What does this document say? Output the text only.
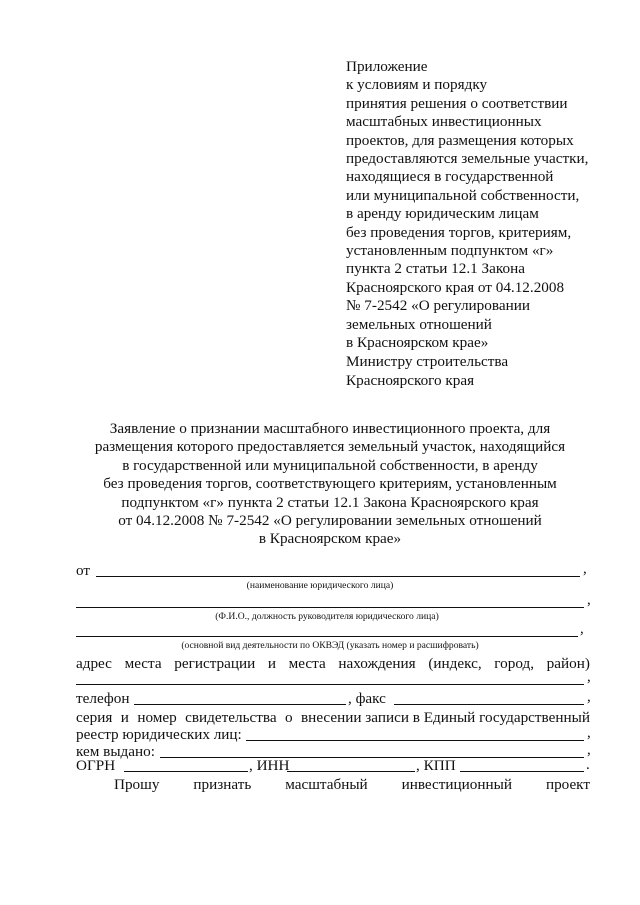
Приложение
к условиям и порядку
принятия решения о соответствии
масштабных инвестиционных
проектов, для размещения которых
предоставляются земельные участки,
находящиеся в государственной
или муниципальной собственности,
в аренду юридическим лицам
без проведения торгов, критериям,
установленным подпунктом «г»
пункта 2 статьи 12.1 Закона
Красноярского края от 04.12.2008
№ 7-2542 «О регулировании
земельных отношений
в Красноярском крае»
Министру строительства
Красноярского края
Заявление о признании масштабного инвестиционного проекта, для
размещения которого предоставляется земельный участок, находящийся
в государственной или муниципальной собственности, в аренду
без проведения торгов, соответствующего критериям, установленным
подпунктом «г» пункта 2 статьи 12.1 Закона Красноярского края
от 04.12.2008 № 7-2542 «О регулировании земельных отношений
в Красноярском крае»
от	,
(наименование юридического лица)
,
(Ф.И.О., должность руководителя юридического лица)
,
(основной вид деятельности по ОКВЭД (указать номер и расшифровать)
адрес места регистрации и места нахождения (индекс, город, район)
,
телефон	, факс	,
серия и номер свидетельства о внесении записи в Единый государственный
реестр юридических лиц:	,
кем выдано:	,
ОГРН	, ИНН	, КПП	.
Прошу признать масштабный инвестиционный проект
